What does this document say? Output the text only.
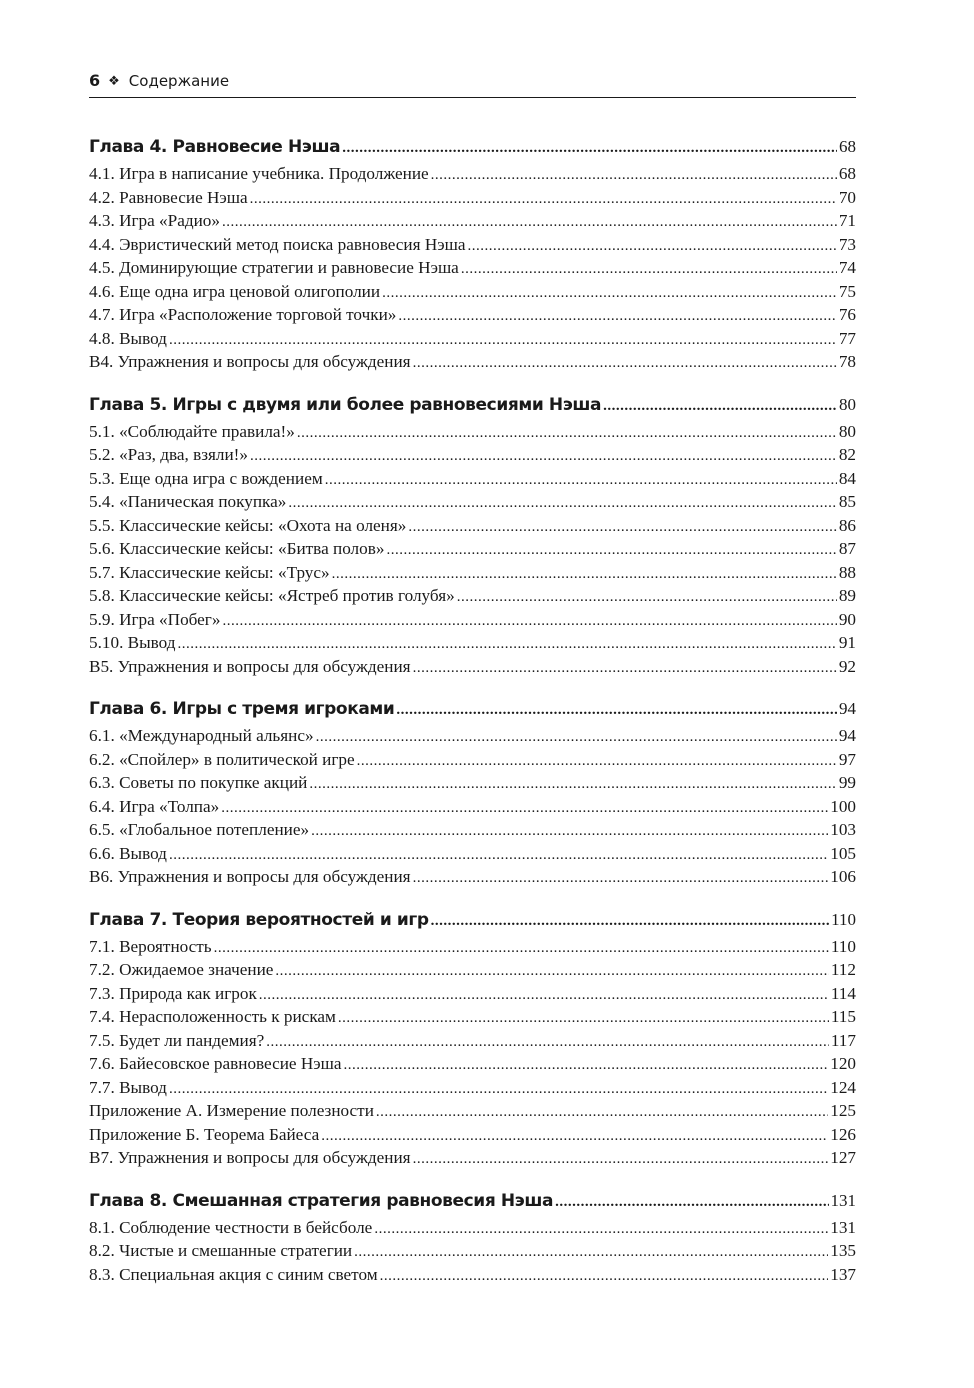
6 ❖ Содержание
Глава 4. Равновесие Нэша .....	68
4.1. Игра в написание учебника. Продолжение .....	68
4.2. Равновесие Нэша .....	70
4.3. Игра «Радио» .....	71
4.4. Эвристический метод поиска равновесия Нэша .....	73
4.5. Доминирующие стратегии и равновесие Нэша .....	74
4.6. Еще одна игра ценовой олигополии .....	75
4.7. Игра «Расположение торговой точки» .....	76
4.8. Вывод .....	77
В4. Упражнения и вопросы для обсуждения .....	78
Глава 5. Игры с двумя или более равновесиями Нэша .....	80
5.1. «Соблюдайте правила!» .....	80
5.2. «Раз, два, взяли!» .....	82
5.3. Еще одна игра с вождением .....	84
5.4. «Паническая покупка» .....	85
5.5. Классические кейсы: «Охота на оленя» .....	86
5.6. Классические кейсы: «Битва полов» .....	87
5.7. Классические кейсы: «Трус» .....	88
5.8. Классические кейсы: «Ястреб против голубя» .....	89
5.9. Игра «Побег» .....	90
5.10. Вывод .....	91
В5. Упражнения и вопросы для обсуждения .....	92
Глава 6. Игры с тремя игроками .....	94
6.1. «Международный альянс» .....	94
6.2. «Спойлер» в политической игре .....	97
6.3. Советы по покупке акций .....	99
6.4. Игра «Толпа» .....	100
6.5. «Глобальное потепление» .....	103
6.6. Вывод .....	105
В6. Упражнения и вопросы для обсуждения .....	106
Глава 7. Теория вероятностей и игр .....	110
7.1. Вероятность .....	110
7.2. Ожидаемое значение .....	112
7.3. Природа как игрок .....	114
7.4. Нерасположенность к рискам .....	115
7.5. Будет ли пандемия? .....	117
7.6. Байесовское равновесие Нэша .....	120
7.7. Вывод .....	124
Приложение А. Измерение полезности .....	125
Приложение Б. Теорема Байеса .....	126
В7. Упражнения и вопросы для обсуждения .....	127
Глава 8. Смешанная стратегия равновесия Нэша .....	131
8.1. Соблюдение честности в бейсболе .....	131
8.2. Чистые и смешанные стратегии .....	135
8.3. Специальная акция с синим светом .....	137
